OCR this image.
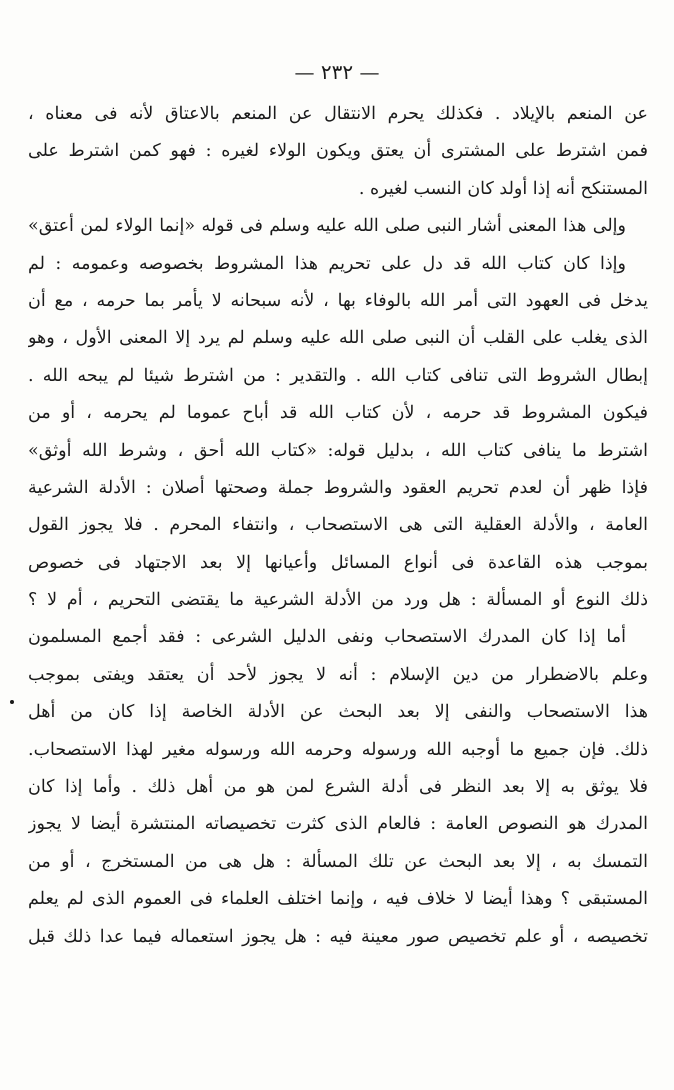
— ٢٣٢ —
عن المنعم بالإيلاد . فكذلك يحرم الانتقال عن المنعم بالاعتاق لأنه فى معناه ،
فمن اشترط على المشترى أن يعتق ويكون الولاء لغيره : فهو كمن اشترط على
المستنكح أنه إذا أولد كان النسب لغيره .
وإلى هذا المعنى أشار النبى صلى الله عليه وسلم فى قوله «إنما الولاء لمن أعتق»
وإذا كان كتاب الله قد دل على تحريم هذا المشروط بخصوصه وعمومه : لم
يدخل فى العهود التى أمر الله بالوفاء بها ، لأنه سبحانه لا يأمر بما حرمه ، مع أن
الذى يغلب على القلب أن النبى صلى الله عليه وسلم لم يرد إلا المعنى الأول ، وهو
إبطال الشروط التى تنافى كتاب الله . والتقدير : من اشترط شيئا لم يبحه الله .
فيكون المشروط قد حرمه ، لأن كتاب الله قد أباح عموما لم يحرمه ، أو من
اشترط ما ينافى كتاب الله ، بدليل قوله: «كتاب الله أحق ، وشرط الله أوثق»
فإذا ظهر أن لعدم تحريم العقود والشروط جملة وصحتها أصلان : الأدلة الشرعية
العامة ، والأدلة العقلية التى هى الاستصحاب ، وانتفاء المحرم . فلا يجوز القول
بموجب هذه القاعدة فى أنواع المسائل وأعيانها إلا بعد الاجتهاد فى خصوص
ذلك النوع أو المسألة : هل ورد من الأدلة الشرعية ما يقتضى التحريم ، أم لا ؟
أما إذا كان المدرك الاستصحاب ونفى الدليل الشرعى : فقد أجمع المسلمون
وعلم بالاضطرار من دين الإسلام : أنه لا يجوز لأحد أن يعتقد ويفتى بموجب
هذا الاستصحاب والنفى إلا بعد البحث عن الأدلة الخاصة إذا كان من أهل
ذلك. فإن جميع ما أوجبه الله ورسوله وحرمه الله ورسوله مغير لهذا الاستصحاب.
فلا يوثق به إلا بعد النظر فى أدلة الشرع لمن هو من أهل ذلك . وأما إذا كان
المدرك هو النصوص العامة : فالعام الذى كثرت تخصيصاته المنتشرة أيضا لا يجوز
التمسك به ، إلا بعد البحث عن تلك المسألة : هل هى من المستخرج ، أو من
المستبقى ؟ وهذا أيضا لا خلاف فيه ، وإنما اختلف العلماء فى العموم الذى لم يعلم
تخصيصه ، أو علم تخصيص صور معينة فيه : هل يجوز استعماله فيما عدا ذلك قبل
